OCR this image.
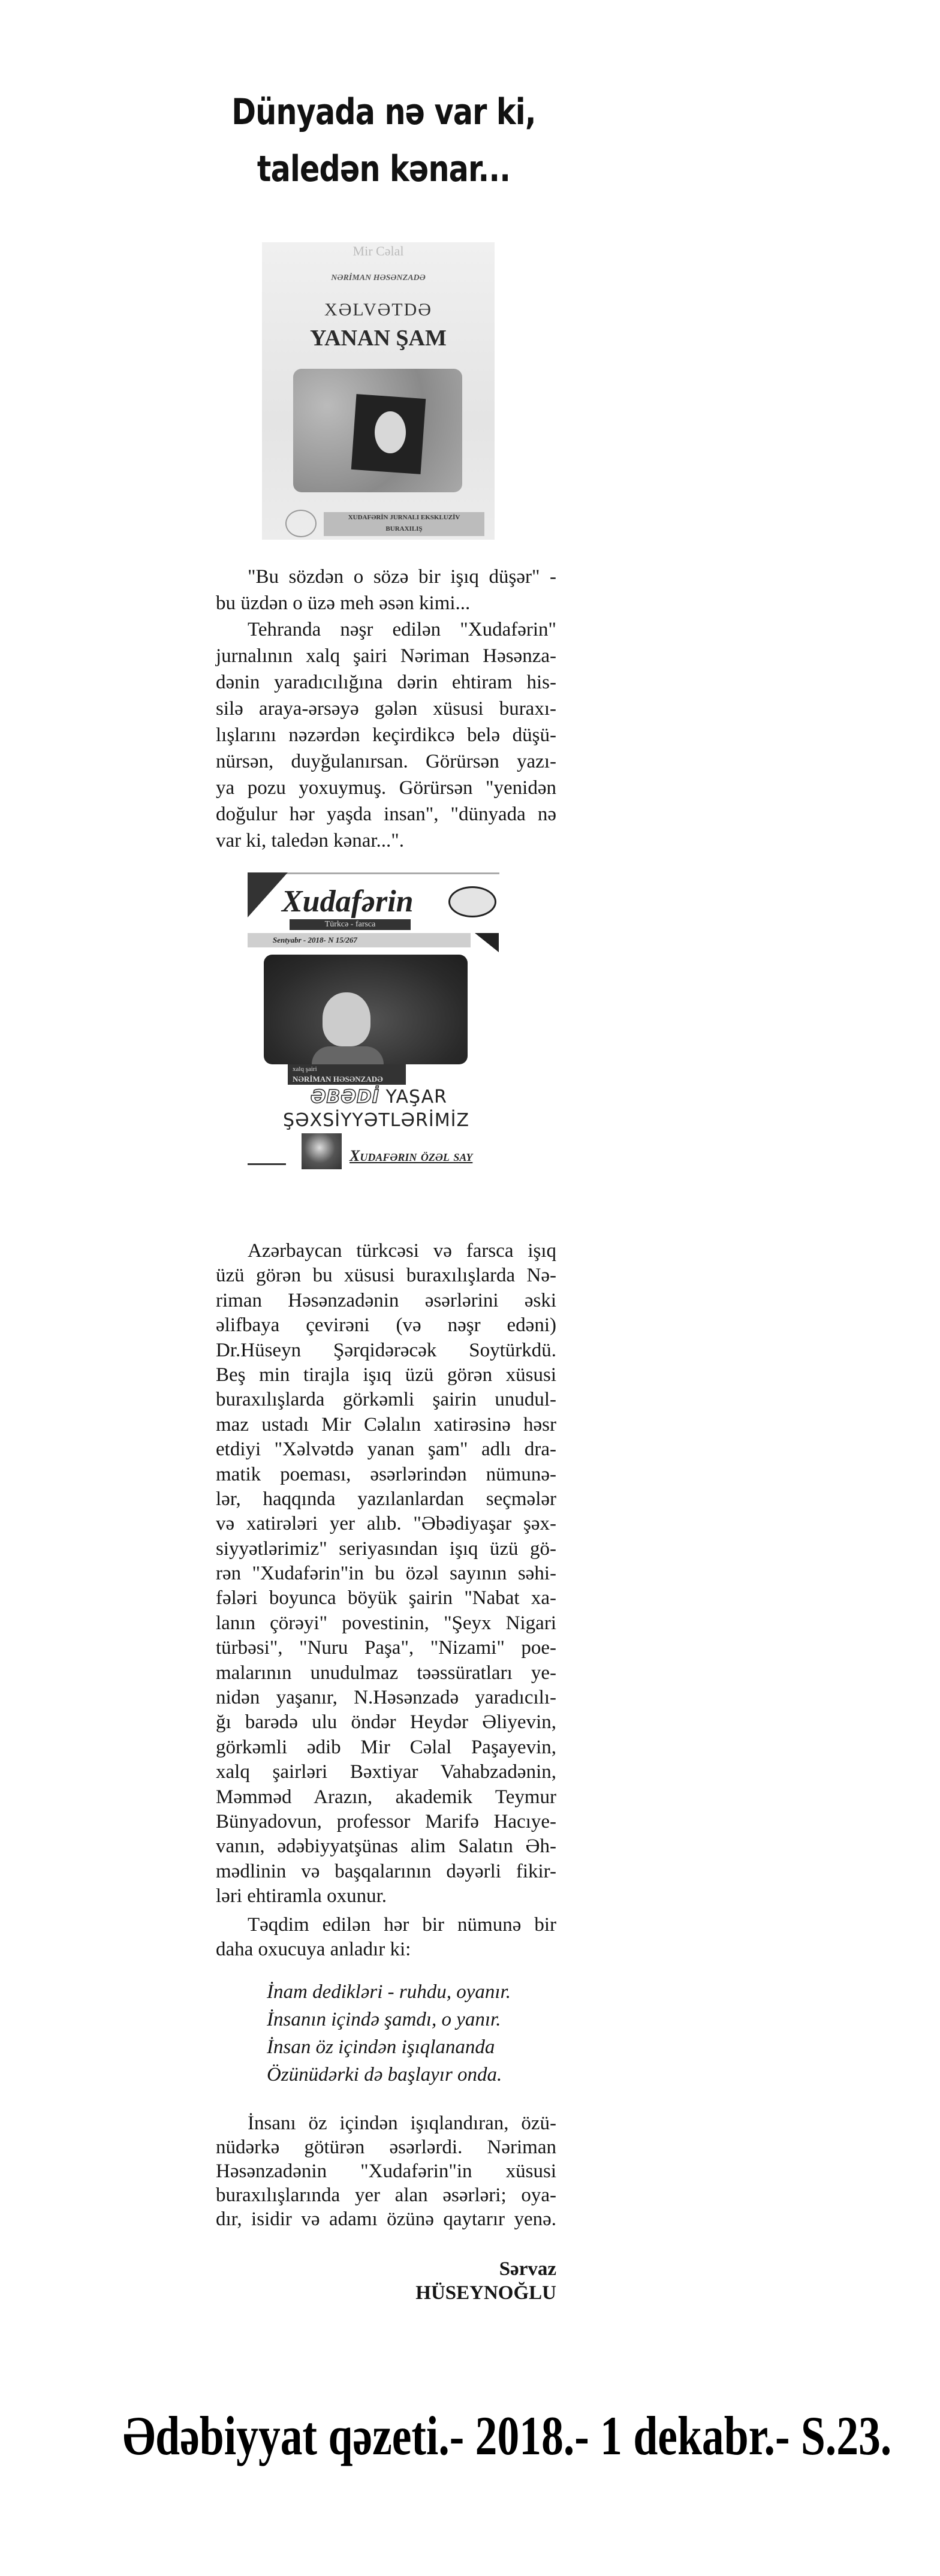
Dünyada nə var ki,
taledən kənar...
Mir Cəlal
NƏRİMAN HƏSƏNZADƏ
XƏLVƏTDƏ
YANAN ŞAM
XUDAFƏRİN JURNALI EKSKLUZİV
BURAXILIŞ
"Bu sözdən o sözə bir işıq düşər" -
bu üzdən o üzə meh əsən kimi...
Tehranda nəşr edilən "Xudafərin"
jurnalının xalq şairi Nəriman Həsənza-
dənin yaradıcılığına dərin ehtiram his-
silə araya-ərsəyə gələn xüsusi buraxı-
lışlarını nəzərdən keçirdikcə belə düşü-
nürsən, duyğulanırsan. Görürsən yazı-
ya pozu yoxuymuş. Görürsən "yenidən
doğulur hər yaşda insan", "dünyada nə
var ki, taledən kənar...".
Xudafərin
Türkcə - farsca
Sentyabr - 2018- N 15/267
xalq şairi
NƏRİMAN HƏSƏNZADƏ
ƏBƏDİ YAŞAR
ŞƏXSİYYƏTLƏRİMİZ
Xudafərin özəl say
Azərbaycan türkcəsi və farsca işıq
üzü görən bu xüsusi buraxılışlarda Nə-
riman Həsənzadənin əsərlərini əski
əlifbaya çevirəni (və nəşr edəni)
Dr.Hüseyn Şərqidərəcək Soytürkdü.
Beş min tirajla işıq üzü görən xüsusi
buraxılışlarda görkəmli şairin unudul-
maz ustadı Mir Cəlalın xatirəsinə həsr
etdiyi "Xəlvətdə yanan şam" adlı dra-
matik poeması, əsərlərindən nümunə-
lər, haqqında yazılanlardan seçmələr
və xatirələri yer alıb. "Əbədiyaşar şəx-
siyyətlərimiz" seriyasından işıq üzü gö-
rən "Xudafərin"in bu özəl sayının səhi-
fələri boyunca böyük şairin "Nabat xa-
lanın çörəyi" povestinin, "Şeyx Nigari
türbəsi", "Nuru Paşa", "Nizami" poe-
malarının unudulmaz təəssüratları ye-
nidən yaşanır, N.Həsənzadə yaradıcılı-
ğı barədə ulu öndər Heydər Əliyevin,
görkəmli ədib Mir Cəlal Paşayevin,
xalq şairləri Bəxtiyar Vahabzadənin,
Məmməd Arazın, akademik Teymur
Bünyadovun, professor Marifə Hacıye-
vanın, ədəbiyyatşünas alim Salatın Əh-
mədlinin və başqalarının dəyərli fikir-
ləri ehtiramla oxunur.
Təqdim edilən hər bir nümunə bir
daha oxucuya anladır ki:
İnam dedikləri - ruhdu, oyanır.
İnsanın içində şamdı, o yanır.
İnsan öz içindən işıqlananda
Özünüdərki də başlayır onda.
İnsanı öz içindən işıqlandıran, özü-
nüdərkə götürən əsərlərdi. Nəriman
Həsənzadənin "Xudafərin"in xüsusi
buraxılışlarında yer alan əsərləri; oya-
dır, isidir və adamı özünə qaytarır yenə.
Sərvaz HÜSEYNOĞLU
Ədəbiyyat qəzeti.- 2018.- 1 dekabr.- S.23.
